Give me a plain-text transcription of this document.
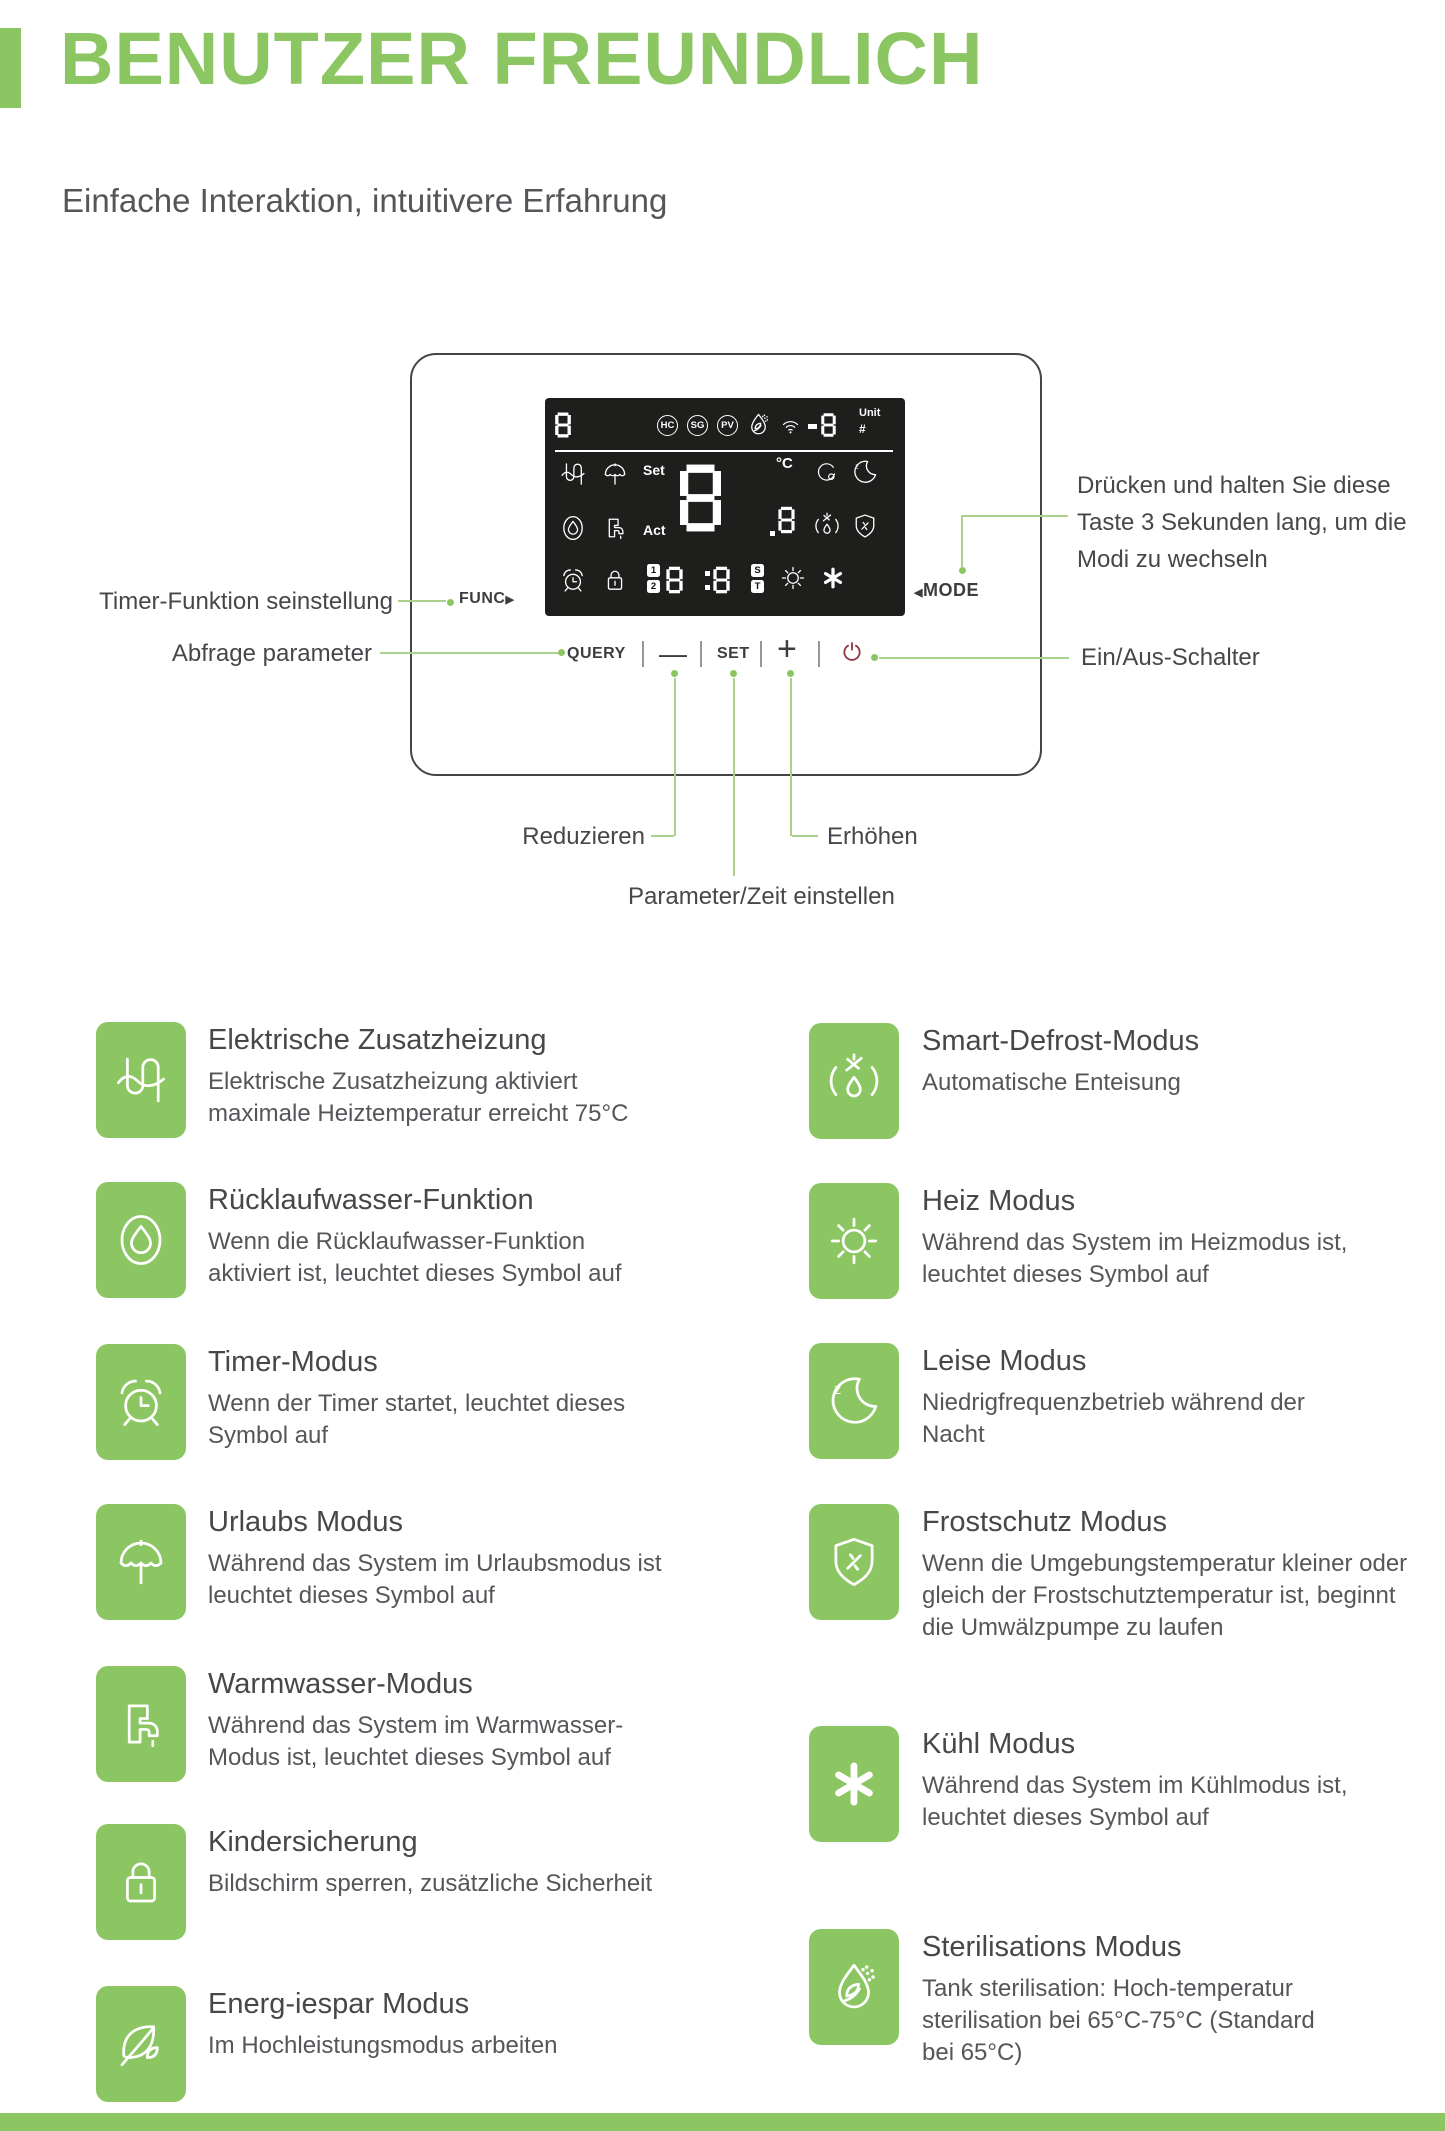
BENUTZER FREUNDLICH
Einfache Interaktion, intuitivere Erfahrung
HC	SG	PV
Unit
#
Set	°C
Act
1
2
S
T
FUNC▶
◀MODE
QUERY — SET +
Timer-Funktion seinstellung
Abfrage parameter
Drücken und halten Sie diese Taste 3 Sekunden lang, um die Modi zu wechseln
Ein/Aus-Schalter
Reduzieren	Erhöhen
Parameter/Zeit einstellen
Elektrische Zusatzheizung
Elektrische Zusatzheizung aktiviert maximale Heiztemperatur erreicht 75°C
Rücklaufwasser-Funktion
Wenn die Rücklaufwasser-Funktion aktiviert ist, leuchtet dieses Symbol auf
Timer-Modus
Wenn der Timer startet, leuchtet dieses Symbol auf
Urlaubs Modus
Während das System im Urlaubsmodus ist leuchtet dieses Symbol auf
Warmwasser-Modus
Während das System im Warmwasser-Modus ist, leuchtet dieses Symbol auf
Kindersicherung
Bildschirm sperren, zusätzliche Sicherheit
Energ-iespar Modus
Im Hochleistungsmodus arbeiten
Smart-Defrost-Modus
Automatische Enteisung
Heiz Modus
Während das System im Heizmodus ist, leuchtet dieses Symbol auf
Leise Modus
Niedrigfrequenzbetrieb während der Nacht
Frostschutz Modus
Wenn die Umgebungstemperatur kleiner oder gleich der Frostschutztemperatur ist, beginnt die Umwälzpumpe zu laufen
Kühl Modus
Während das System im Kühlmodus ist, leuchtet dieses Symbol auf
Sterilisations Modus
Tank sterilisation: Hoch-temperatur sterilisation bei 65°C-75°C (Standard bei 65°C)
